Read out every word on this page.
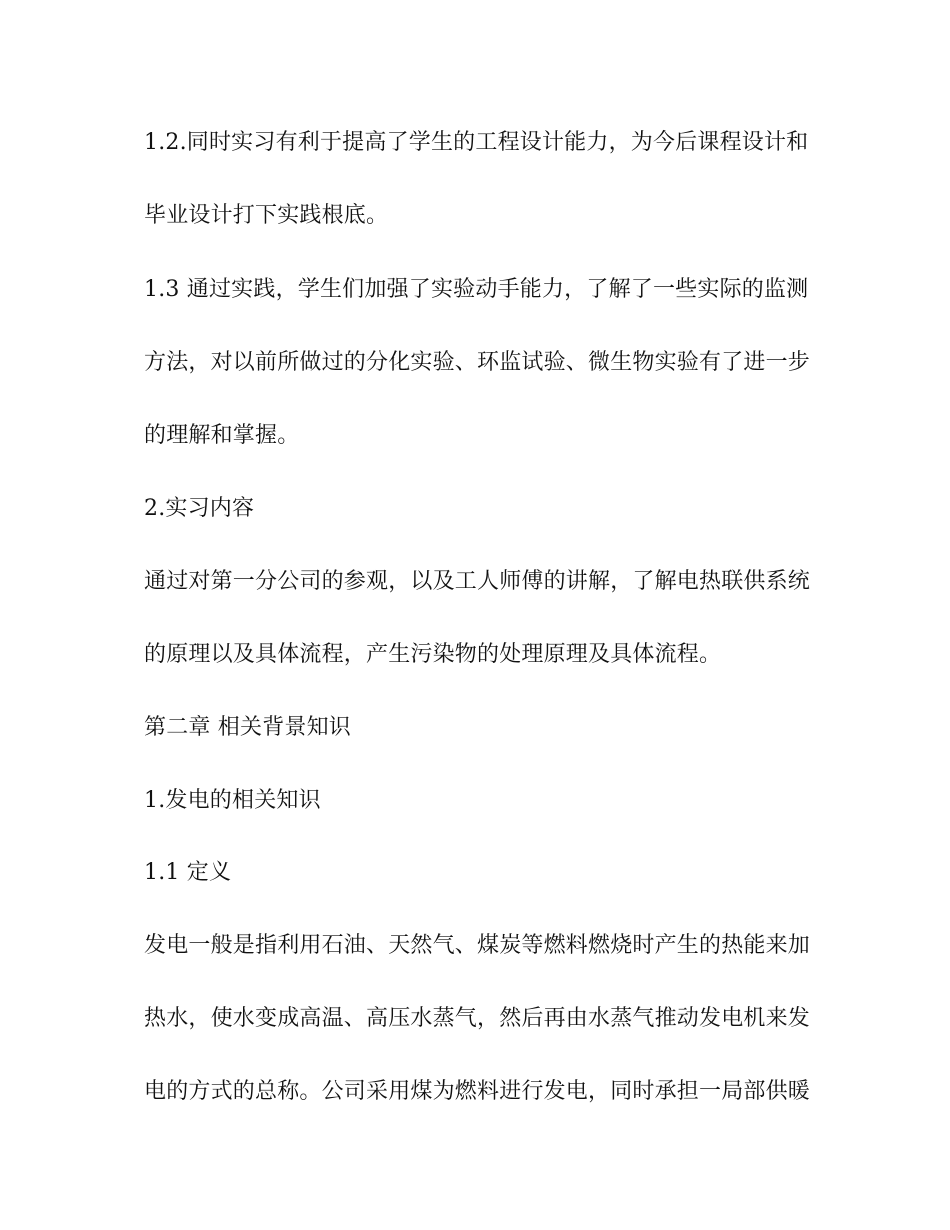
1.2.同时实习有利于提高了学生的工程设计能力，为今后课程设计和
毕业设计打下实践根底。
1.3 通过实践，学生们加强了实验动手能力，了解了一些实际的监测
方法，对以前所做过的分化实验、环监试验、微生物实验有了进一步
的理解和掌握。
2.实习内容
通过对第一分公司的参观，以及工人师傅的讲解，了解电热联供系统
的原理以及具体流程，产生污染物的处理原理及具体流程。
第二章 相关背景知识
1.发电的相关知识
1.1 定义
发电一般是指利用石油、天然气、煤炭等燃料燃烧时产生的热能来加
热水，使水变成高温、高压水蒸气，然后再由水蒸气推动发电机来发
电的方式的总称。公司采用煤为燃料进行发电，同时承担一局部供暖
